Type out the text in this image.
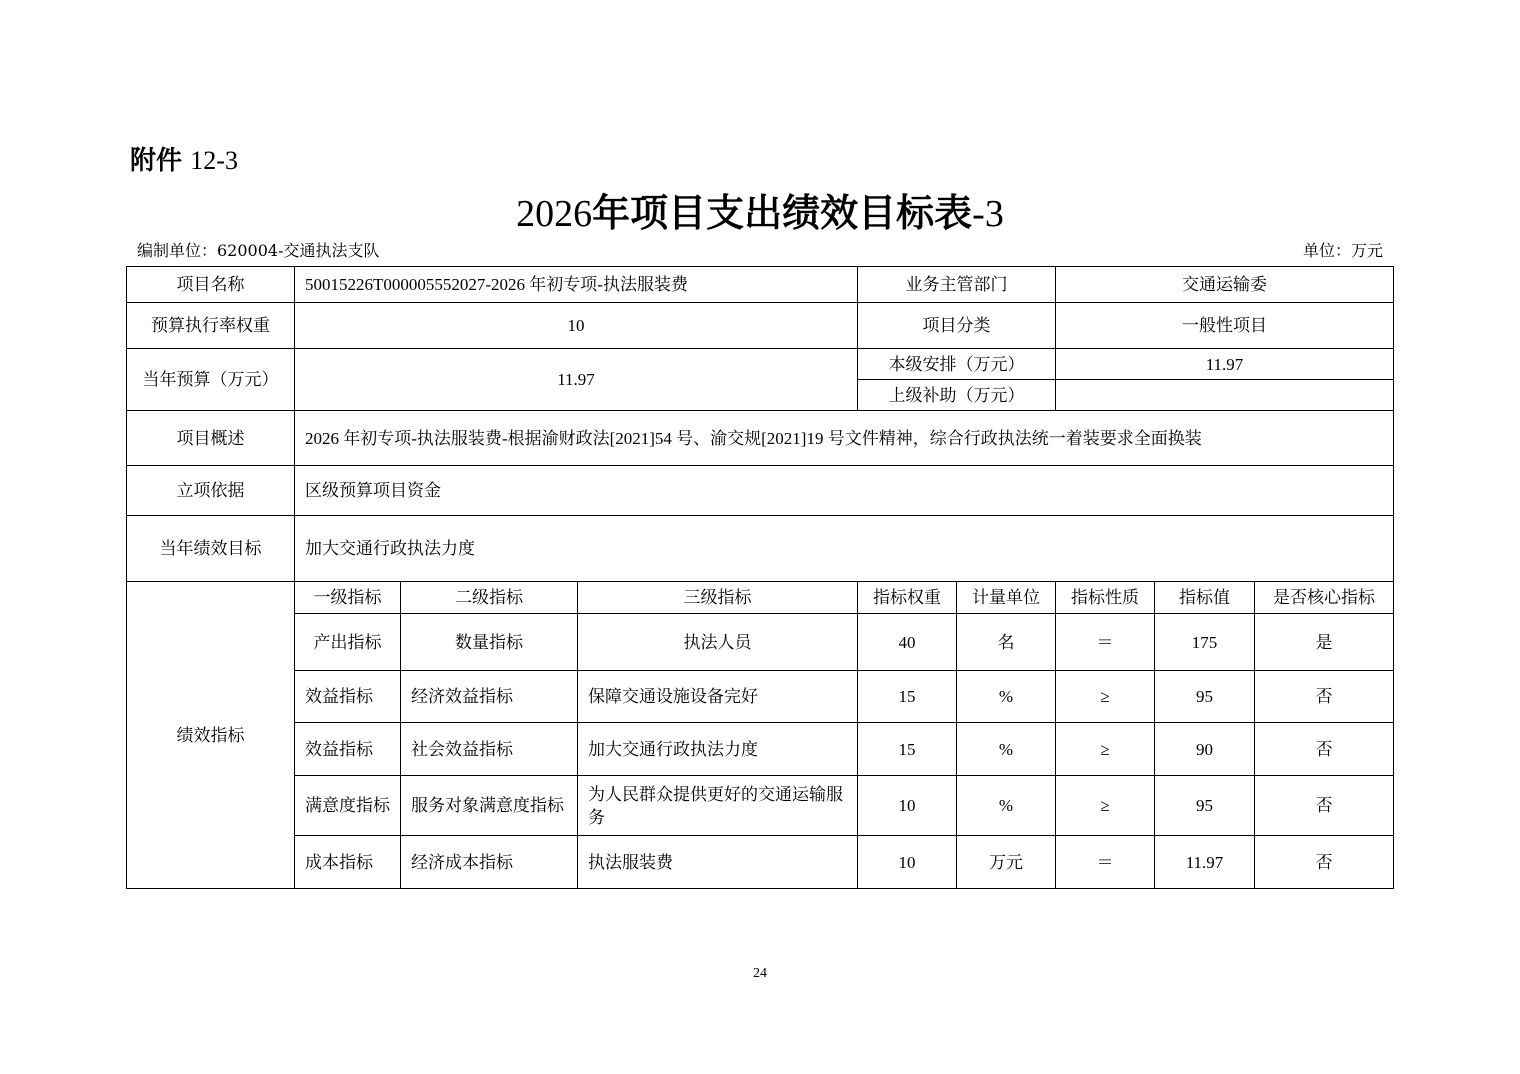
附件 12-3
2026年项目支出绩效目标表-3
编制单位：620004-交通执法支队	单位：万元
项目名称	50015226T000005552027-2026 年初专项-执法服装费			业务主管部门		交通运输委		
预算执行率权重	10			项目分类		一般性项目		
当年预算（万元）	11.97			本级安排（万元）		11.97		
				上级补助（万元）				
项目概述	2026 年初专项-执法服装费-根据渝财政法[2021]54 号、渝交规[2021]19 号文件精神，综合行政执法统一着装要求全面换装							
立项依据	区级预算项目资金							
当年绩效目标	加大交通行政执法力度							
绩效指标	一级指标	二级指标	三级指标	指标权重	计量单位	指标性质	指标值	是否核心指标
	产出指标	数量指标	执法人员	40	名	＝	175	是
	效益指标	经济效益指标	保障交通设施设备完好	15	%	≥	95	否
	效益指标	社会效益指标	加大交通行政执法力度	15	%	≥	90	否
	满意度指标	服务对象满意度指标	为人民群众提供更好的交通运输服务	10	%	≥	95	否
	成本指标	经济成本指标	执法服装费	10	万元	＝	11.97	否
24
